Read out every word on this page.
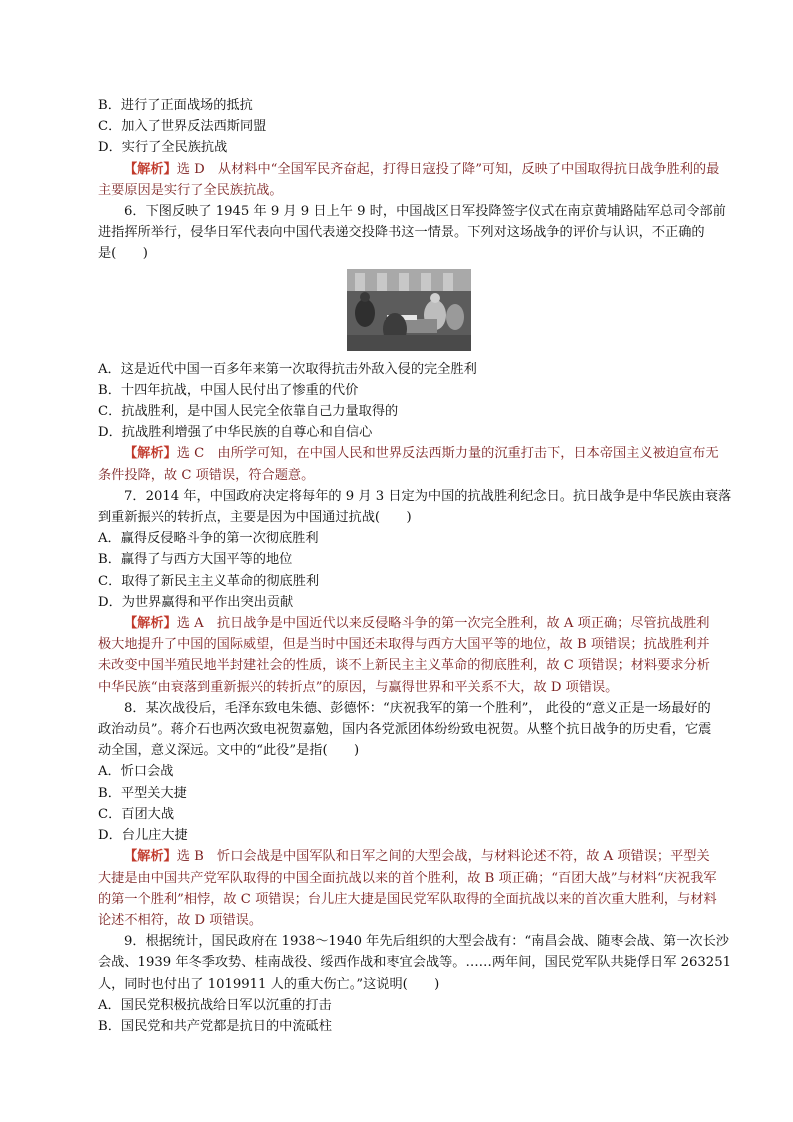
B．进行了正面战场的抵抗
C．加入了世界反法西斯同盟
D．实行了全民族抗战
【解析】选 D　从材料中“全国军民齐奋起，打得日寇投了降”可知，反映了中国取得抗日战争胜利的最
主要原因是实行了全民族抗战。
6．下图反映了 1945 年 9 月 9 日上午 9 时，中国战区日军投降签字仪式在南京黄埔路陆军总司令部前
进指挥所举行，侵华日军代表向中国代表递交投降书这一情景。下列对这场战争的评价与认识，不正确的
是(　　)
A．这是近代中国一百多年来第一次取得抗击外敌入侵的完全胜利
B．十四年抗战，中国人民付出了惨重的代价
C．抗战胜利，是中国人民完全依靠自己力量取得的
D．抗战胜利增强了中华民族的自尊心和自信心
【解析】选 C　由所学可知，在中国人民和世界反法西斯力量的沉重打击下，日本帝国主义被迫宣布无
条件投降，故 C 项错误，符合题意。
7．2014 年，中国政府决定将每年的 9 月 3 日定为中国的抗战胜利纪念日。抗日战争是中华民族由衰落
到重新振兴的转折点，主要是因为中国通过抗战(　　)
A．赢得反侵略斗争的第一次彻底胜利
B．赢得了与西方大国平等的地位
C．取得了新民主主义革命的彻底胜利
D．为世界赢得和平作出突出贡献
【解析】选 A　抗日战争是中国近代以来反侵略斗争的第一次完全胜利，故 A 项正确；尽管抗战胜利
极大地提升了中国的国际威望，但是当时中国还未取得与西方大国平等的地位，故 B 项错误；抗战胜利并
未改变中国半殖民地半封建社会的性质，谈不上新民主主义革命的彻底胜利，故 C 项错误；材料要求分析
中华民族“由衰落到重新振兴的转折点”的原因，与赢得世界和平关系不大，故 D 项错误。
8．某次战役后，毛泽东致电朱德、彭德怀：“庆祝我军的第一个胜利”， 此役的“意义正是一场最好的
政治动员”。蒋介石也两次致电祝贺嘉勉，国内各党派团体纷纷致电祝贺。从整个抗日战争的历史看，它震
动全国，意义深远。文中的“此役”是指(　　)
A．忻口会战
B．平型关大捷
C．百团大战
D．台儿庄大捷
【解析】选 B　忻口会战是中国军队和日军之间的大型会战，与材料论述不符，故 A 项错误；平型关
大捷是由中国共产党军队取得的中国全面抗战以来的首个胜利，故 B 项正确；“百团大战”与材料“庆祝我军
的第一个胜利”相悖，故 C 项错误；台儿庄大捷是国民党军队取得的全面抗战以来的首次重大胜利，与材料
论述不相符，故 D 项错误。
9．根据统计，国民政府在 1938～1940 年先后组织的大型会战有：“南昌会战、随枣会战、第一次长沙
会战、1939 年冬季攻势、桂南战役、绥西作战和枣宜会战等。……两年间，国民党军队共毙俘日军 263251
人，同时也付出了 1019911 人的重大伤亡。”这说明(　　)
A．国民党积极抗战给日军以沉重的打击
B．国民党和共产党都是抗日的中流砥柱
